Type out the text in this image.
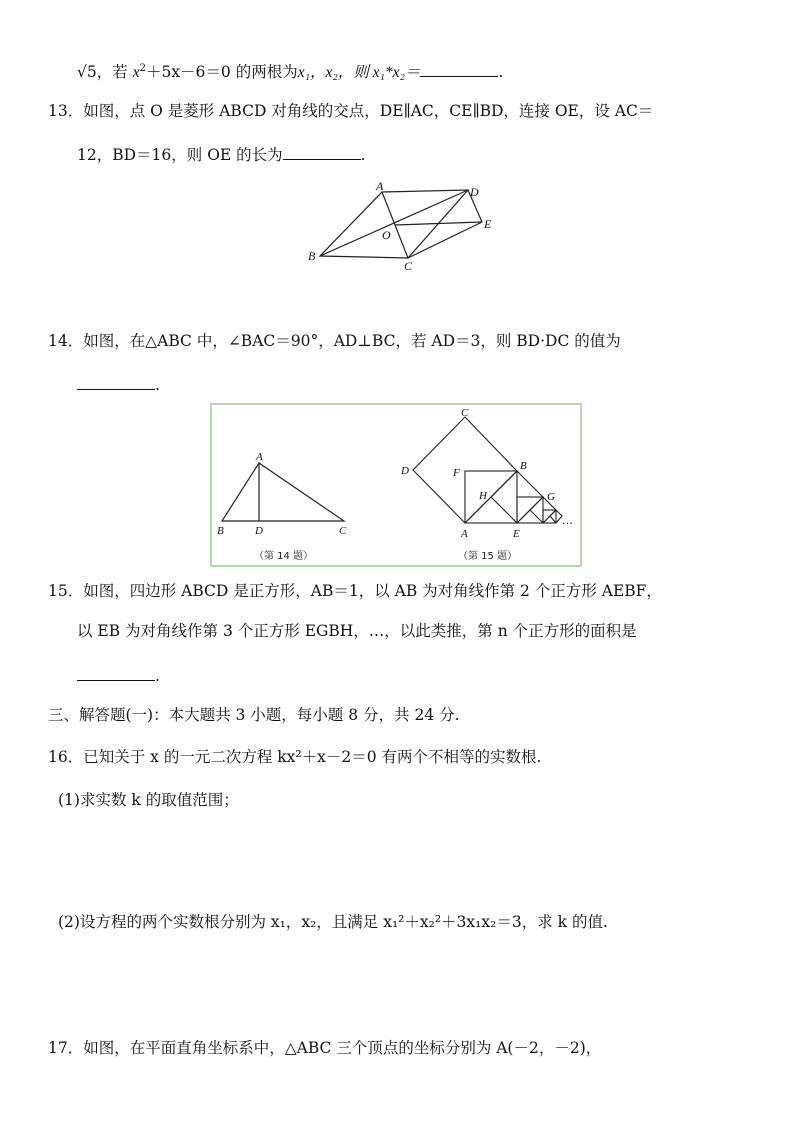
√5，若 $x^2+5x-6=0$ 的两根为x₁，x₂，则 x₁*x₂＝	.
13．如图，点 O 是菱形 ABCD 对角线的交点，DE∥AC，CE∥BD，连接 OE，设 AC＝
12，BD＝16，则 OE 的长为	.
A	D
E
O
C
B
14．如图，在△ABC 中，∠BAC＝90°，AD⊥BC，若 AD＝3，则 BD·DC 的值为
.
A
B	D	C
（第 14 题）
C
D	F
B
H	G
A	E
…
（第 15 题）
15．如图，四边形 ABCD 是正方形，AB＝1，以 AB 为对角线作第 2 个正方形 AEBF，
以 EB 为对角线作第 3 个正方形 EGBH，…，以此类推，第 n 个正方形的面积是
.
三、解答题(一)：本大题共 3 小题，每小题 8 分，共 24 分.
16．已知关于 x 的一元二次方程 kx²＋x－2＝0 有两个不相等的实数根.
(1)求实数 k 的取值范围；
(2)设方程的两个实数根分别为 x₁，x₂，且满足 x₁²＋x₂²＋3x₁x₂＝3，求 k 的值.
17．如图，在平面直角坐标系中，△ABC 三个顶点的坐标分别为 A(－2，－2)，
